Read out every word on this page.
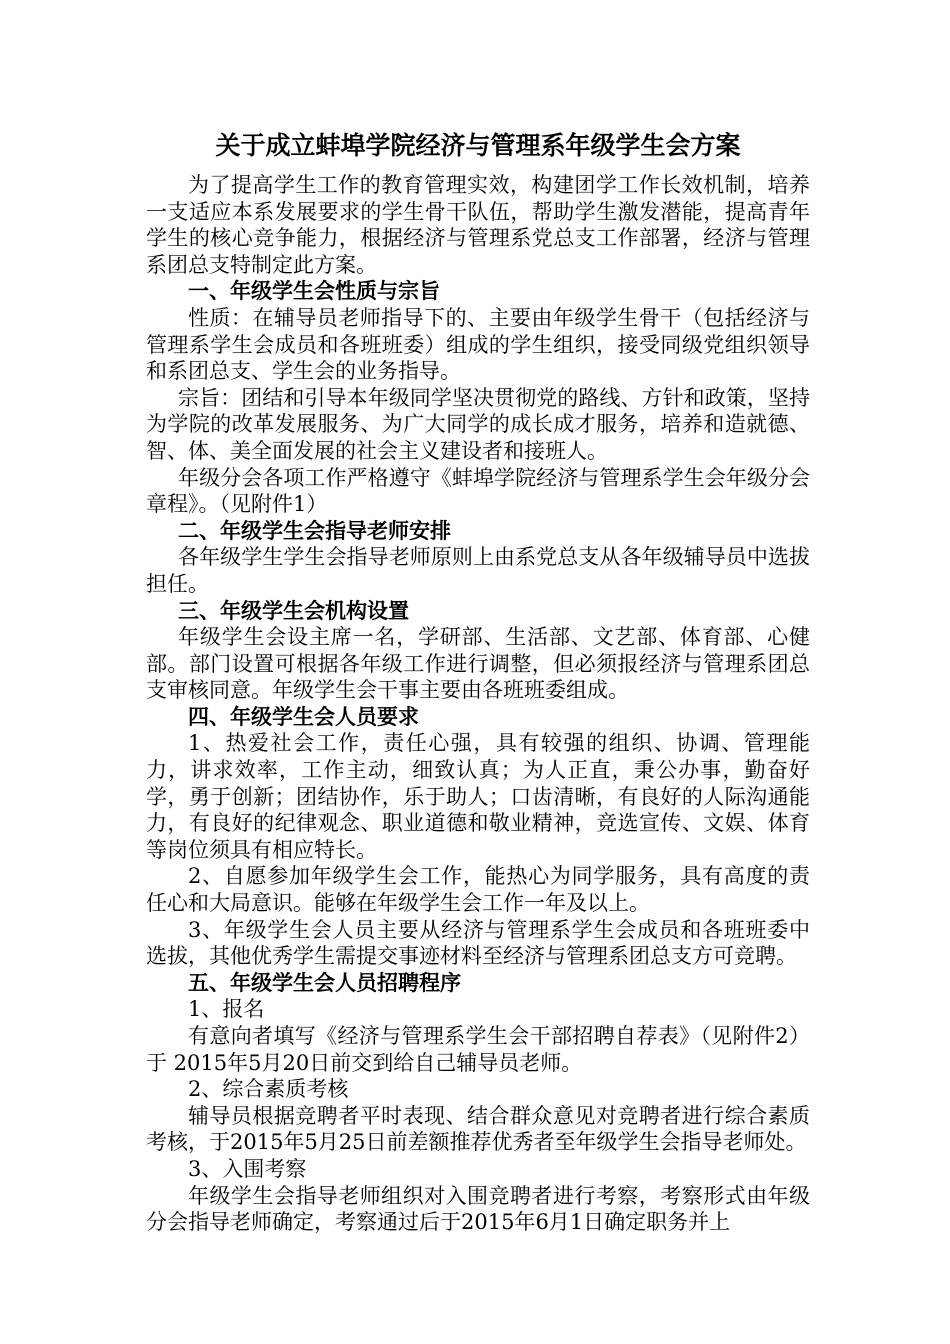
关于成立蚌埠学院经济与管理系年级学生会方案

为了提高学生工作的教育管理实效，构建团学工作长效机制，培养一支适应本系发展要求的学生骨干队伍，帮助学生激发潜能，提高青年学生的核心竞争能力，根据经济与管理系党总支工作部署，经济与管理系团总支特制定此方案。

一、年级学生会性质与宗旨

性质：在辅导员老师指导下的、主要由年级学生骨干（包括经济与管理系学生会成员和各班班委）组成的学生组织，接受同级党组织领导和系团总支、学生会的业务指导。

宗旨：团结和引导本年级同学坚决贯彻党的路线、方针和政策，坚持为学院的改革发展服务、为广大同学的成长成才服务，培养和造就德、智、体、美全面发展的社会主义建设者和接班人。

年级分会各项工作严格遵守《蚌埠学院经济与管理系学生会年级分会章程》。（见附件1）

二、年级学生会指导老师安排

各年级学生学生会指导老师原则上由系党总支从各年级辅导员中选拔担任。

三、年级学生会机构设置

年级学生会设主席一名，学研部、生活部、文艺部、体育部、心健部。部门设置可根据各年级工作进行调整，但必须报经济与管理系团总支审核同意。年级学生会干事主要由各班班委组成。

四、年级学生会人员要求

1、热爱社会工作，责任心强，具有较强的组织、协调、管理能力，讲求效率，工作主动，细致认真；为人正直，秉公办事，勤奋好学，勇于创新；团结协作，乐于助人；口齿清晰，有良好的人际沟通能力，有良好的纪律观念、职业道德和敬业精神，竞选宣传、文娱、体育等岗位须具有相应特长。

2、自愿参加年级学生会工作，能热心为同学服务，具有高度的责任心和大局意识。能够在年级学生会工作一年及以上。

3、年级学生会人员主要从经济与管理系学生会成员和各班班委中选拔，其他优秀学生需提交事迹材料至经济与管理系团总支方可竞聘。

五、年级学生会人员招聘程序

1、报名

有意向者填写《经济与管理系学生会干部招聘自荐表》（见附件2）于 2015年5月20日前交到给自己辅导员老师。

2、综合素质考核

辅导员根据竞聘者平时表现、结合群众意见对竞聘者进行综合素质考核，于2015年5月25日前差额推荐优秀者至年级学生会指导老师处。

3、入围考察

年级学生会指导老师组织对入围竞聘者进行考察，考察形式由年级分会指导老师确定，考察通过后于2015年6月1日确定职务并上
